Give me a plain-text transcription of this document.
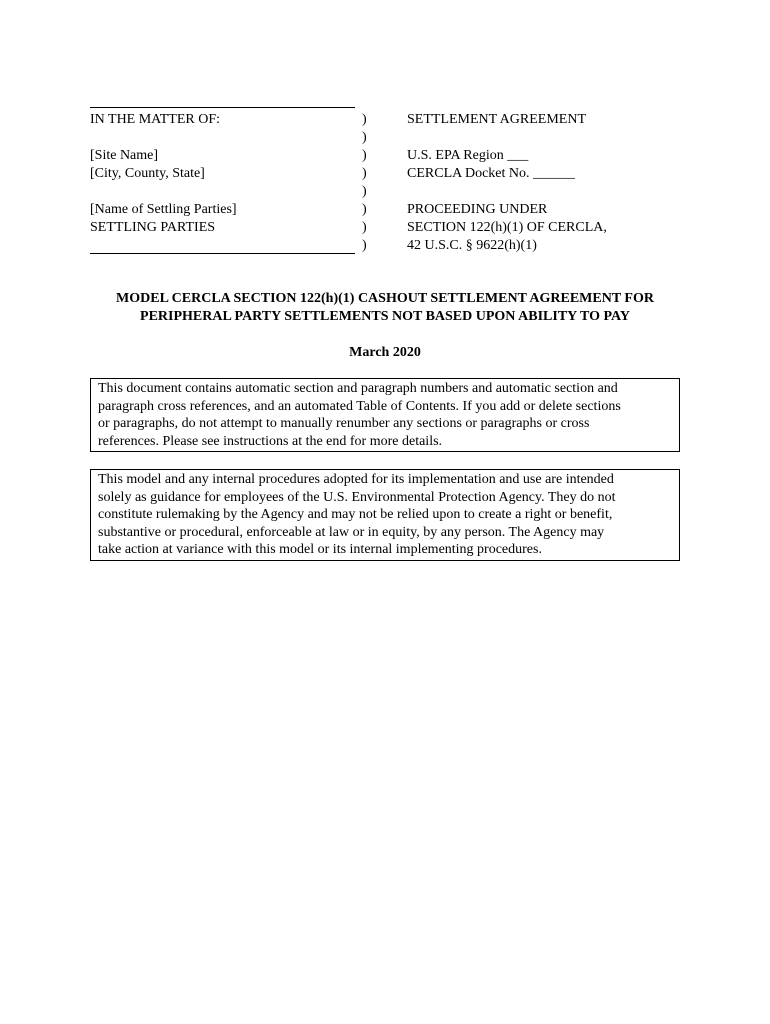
IN THE MATTER OF:
[Site Name]
[City, County, State]
[Name of Settling Parties]
SETTLING PARTIES
)
)
)
)
)
)
)
)
SETTLEMENT AGREEMENT
U.S. EPA Region ___
CERCLA Docket No. ______
PROCEEDING UNDER
SECTION 122(h)(1) OF CERCLA,
42 U.S.C. § 9622(h)(1)
MODEL CERCLA SECTION 122(h)(1) CASHOUT SETTLEMENT AGREEMENT FOR
PERIPHERAL PARTY SETTLEMENTS NOT BASED UPON ABILITY TO PAY
March 2020

This document contains automatic section and paragraph numbers and automatic section and

paragraph cross references, and an automated Table of Contents. If you add or delete sections

or paragraphs, do not attempt to manually renumber any sections or paragraphs or cross

references. Please see instructions at the end for more details.

This model and any internal procedures adopted for its implementation and use are intended

solely as guidance for employees of the U.S. Environmental Protection Agency. They do not

constitute rulemaking by the Agency and may not be relied upon to create a right or benefit,

substantive or procedural, enforceable at law or in equity, by any person. The Agency may

take action at variance with this model or its internal implementing procedures.
